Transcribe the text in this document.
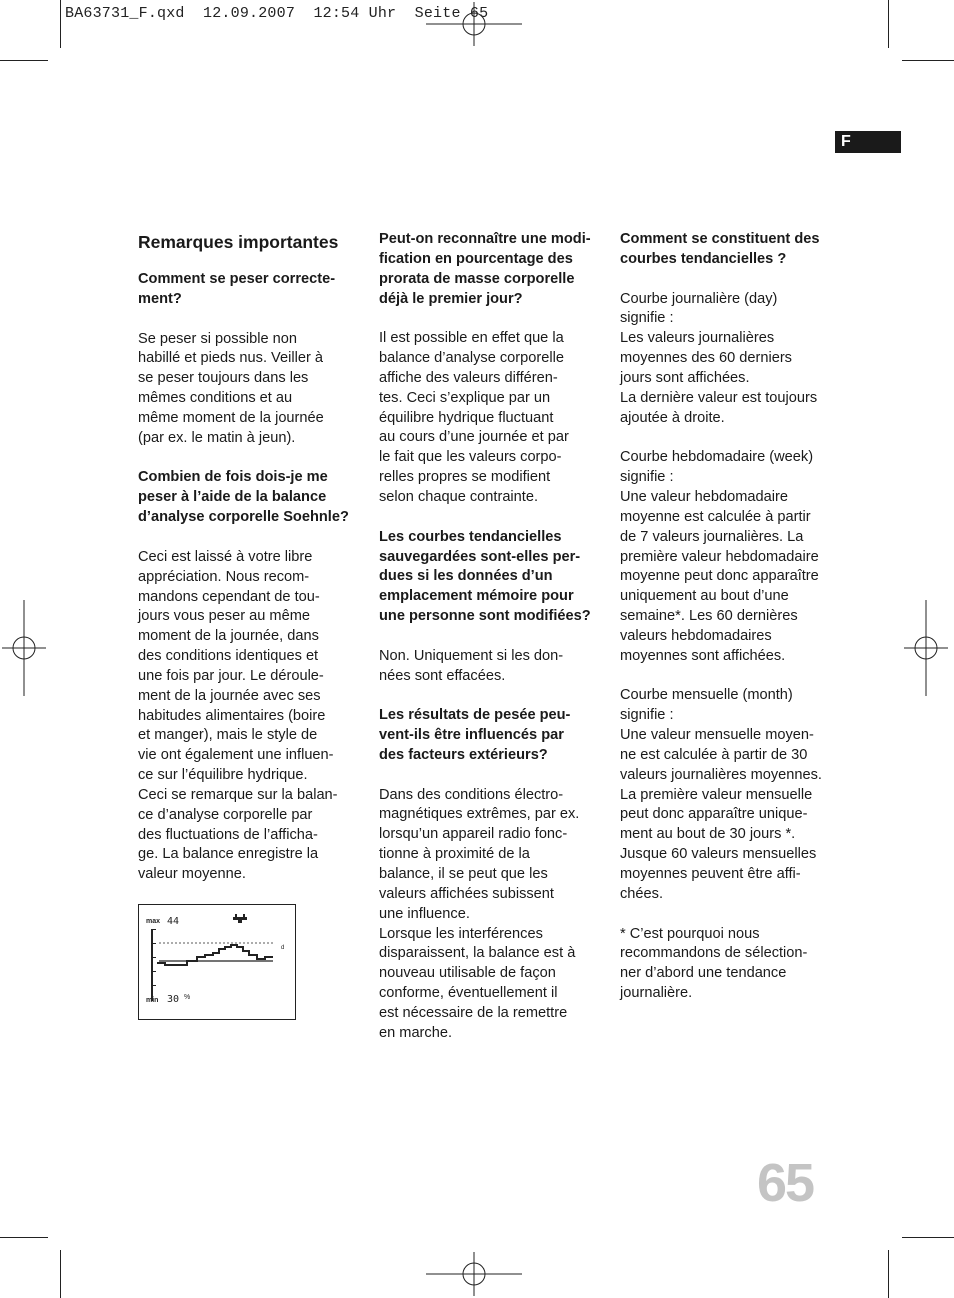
BA63731_F.qxd  12.09.2007  12:54 Uhr  Seite 65
F
Remarques importantes

Comment se peser correcte-
ment?

Se peser si possible non
habillé et pieds nus. Veiller à
se peser toujours dans les
mêmes conditions et au
même moment de la journée
(par ex. le matin à jeun).

Combien de fois dois-je me
peser à l’aide de la balance
d’analyse corporelle Soehnle?

Ceci est laissé à votre libre
appréciation. Nous recom-
mandons cependant de tou-
jours vous peser au même
moment de la journée, dans
des conditions identiques et
une fois par jour. Le déroule-
ment de la journée avec ses
habitudes alimentaires (boire
et manger), mais le style de
vie ont également une influen-
ce sur l’équilibre hydrique.
Ceci se remarque sur la balan-
ce d’analyse corporelle par
des fluctuations de l’afficha-
ge. La balance enregistre la
valeur moyenne.

Peut-on reconnaître une modi-
fication en pourcentage des
prorata de masse corporelle
déjà le premier jour?

Il est possible en effet que la
balance d’analyse corporelle
affiche des valeurs différen-
tes. Ceci s’explique par un
équilibre hydrique fluctuant
au cours d’une journée et par
le fait que les valeurs corpo-
relles propres se modifient
selon chaque contrainte.

Les courbes tendancielles
sauvegardées sont-elles per-
dues si les données d’un
emplacement mémoire pour
une personne sont modifiées?

Non. Uniquement si les don-
nées sont effacées.

Les résultats de pesée peu-
vent-ils être influencés par
des facteurs extérieurs?

Dans des conditions électro-
magnétiques extrêmes, par ex.
lorsqu’un appareil radio fonc-
tionne à proximité de la
balance, il se peut que les
valeurs affichées subissent
une influence.
Lorsque les interférences
disparaissent, la balance est à
nouveau utilisable de façon
conforme, éventuellement il
est nécessaire de la remettre
en marche.

Comment se constituent des
courbes tendancielles ?

Courbe journalière (day)
signifie :
Les valeurs journalières
moyennes des 60 derniers
jours sont affichées.
La dernière valeur est toujours
ajoutée à droite.

Courbe hebdomadaire (week)
signifie :
Une valeur hebdomadaire
moyenne est calculée à partir
de 7 valeurs journalières. La
première valeur hebdomadaire
moyenne peut donc apparaître
uniquement au bout d’une
semaine*. Les 60 dernières
valeurs hebdomadaires
moyennes sont affichées.

Courbe mensuelle (month)
signifie :
Une valeur mensuelle moyen-
ne est calculée à partir de 30
valeurs journalières moyennes.
La première valeur mensuelle
peut donc apparaître unique-
ment au bout de 30 jours *.
Jusque 60 valeurs mensuelles
moyennes peuvent être affi-
chées.

* C’est pourquoi nous
recommandons de sélection-
ner d’abord une tendance
journalière.

max 44
d
min 30 %
65
